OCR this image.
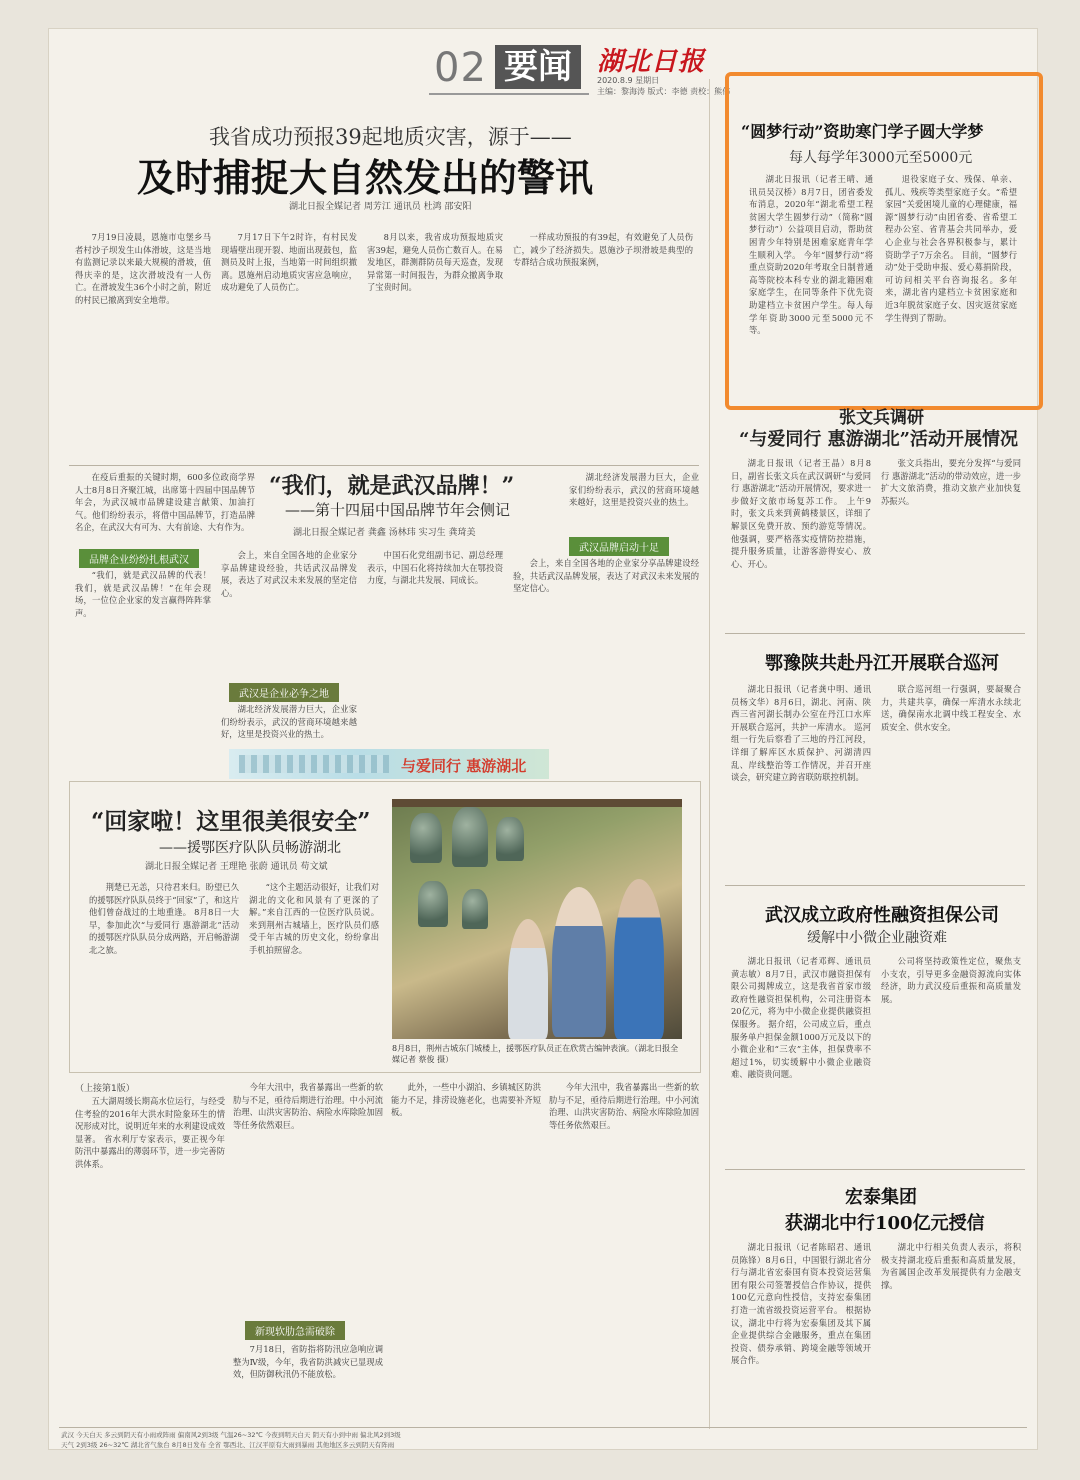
02 要闻 湖北日报
2020.8.9 星期日
主编：黎海涛 版式：李德 责校：熊伟
我省成功预报39起地质灾害，源于——
及时捕捉大自然发出的警讯
湖北日报全媒记者 周芳江 通讯员 杜鸿 邵安阳
7月19日凌晨，恩施市屯堡乡马者村沙子坝发生山体滑坡，这是当地有监测记录以来最大规模的滑坡，值得庆幸的是，这次滑坡没有一人伤亡。在滑坡发生36个小时之前，附近的村民已撤离到安全地带。
7月17日下午2时许，有村民发现墙壁出现开裂、地面出现鼓包，监测员及时上报，当地第一时间组织撤离。恩施州启动地质灾害应急响应，成功避免了人员伤亡。
8月以来，我省成功预报地质灾害39起，避免人员伤亡数百人。在易发地区，群测群防员每天巡查，发现异常第一时间报告，为群众撤离争取了宝贵时间。
一样成功预报的有39起，有效避免了人员伤亡，减少了经济损失。恩施沙子坝滑坡是典型的专群结合成功预报案例，
“圆梦行动”资助寒门学子圆大学梦
每人每学年3000元至5000元
湖北日报讯（记者王晴、通讯员吴汉桥）8月7日，团省委发布消息，2020年“湖北希望工程贫困大学生圆梦行动”（简称“圆梦行动”）公益项目启动，帮助贫困青少年特别是困难家庭青年学生顺利入学。 今年“圆梦行动”将重点资助2020年考取全日制普通高等院校本科专业的湖北籍困难家庭学生，在同等条件下优先资助建档立卡贫困户学生。每人每学年资助3000元至5000元不等。
退役家庭子女、残保、单亲、孤儿、残疾等类型家庭子女。“希望家园”关爱困境儿童的心理健康，福源“圆梦行动”由团省委、省希望工程办公室、省青基会共同举办，爱心企业与社会各界积极参与，累计资助学子7万余名。 目前，“圆梦行动”处于受助申报、爱心募捐阶段，可访问相关平台咨询报名。多年来，湖北省内建档立卡贫困家庭和近3年脱贫家庭子女、因灾返贫家庭学生得到了帮助。
张文兵调研
“与爱同行 惠游湖北”活动开展情况
湖北日报讯（记者王晶）8月8日，副省长张文兵在武汉调研“与爱同行 惠游湖北”活动开展情况，要求进一步做好文旅市场复苏工作。 上午9时，张文兵来到黄鹤楼景区，详细了解景区免费开放、预约游览等情况。他强调，要严格落实疫情防控措施，提升服务质量，让游客游得安心、放心、开心。
张文兵指出，要充分发挥“与爱同行 惠游湖北”活动的带动效应，进一步扩大文旅消费，推动文旅产业加快复苏振兴。
鄂豫陕共赴丹江开展联合巡河
湖北日报讯（记者龚中明、通讯员杨文华）8月6日，湖北、河南、陕西三省河湖长制办公室在丹江口水库开展联合巡河，共护一库清水。 巡河组一行先后察看了三地的丹江河段，详细了解库区水质保护、河湖清四乱、岸线整治等工作情况，并召开座谈会，研究建立跨省联防联控机制。
联合巡河组一行强调，要凝聚合力，共建共享，确保一库清水永续北送，确保南水北调中线工程安全、水质安全、供水安全。
武汉成立政府性融资担保公司
缓解中小微企业融资难
湖北日报讯（记者邓辉、通讯员黄志敏）8月7日，武汉市融资担保有限公司揭牌成立，这是我省首家市级政府性融资担保机构，公司注册资本20亿元，将为中小微企业提供融资担保服务。 据介绍，公司成立后，重点服务单户担保金额1000万元及以下的小微企业和“三农”主体，担保费率不超过1%，切实缓解中小微企业融资难、融资贵问题。
公司将坚持政策性定位，聚焦支小支农，引导更多金融资源流向实体经济，助力武汉疫后重振和高质量发展。
宏泰集团
获湖北中行100亿元授信
湖北日报讯（记者陈昭君、通讯员陈锋）8月6日，中国银行湖北省分行与湖北省宏泰国有资本投资运营集团有限公司签署授信合作协议，提供100亿元意向性授信，支持宏泰集团打造一流省级投资运营平台。 根据协议，湖北中行将为宏泰集团及其下属企业提供综合金融服务，重点在集团投资、债券承销、跨境金融等领域开展合作。
湖北中行相关负责人表示，将积极支持湖北疫后重振和高质量发展，为省属国企改革发展提供有力金融支撑。
“我们，就是武汉品牌！”
——第十四届中国品牌节年会侧记
湖北日报全媒记者 龚鑫 汤林玮 实习生 龚琦美
在疫后重振的关键时期，600多位政商学界人士8月8日齐聚江城，出席第十四届中国品牌节年会，为武汉城市品牌建设建言献策、加油打气。他们纷纷表示，将借中国品牌节，打造品牌名企，在武汉大有可为、大有前途、大有作为。
品牌企业纷纷扎根武汉
“我们，就是武汉品牌的代表！我们，就是武汉品牌！”在年会现场，一位位企业家的发言赢得阵阵掌声。
会上，来自全国各地的企业家分享品牌建设经验，共话武汉品牌发展，表达了对武汉未来发展的坚定信心。
武汉是企业必争之地
湖北经济发展潜力巨大，企业家们纷纷表示，武汉的营商环境越来越好，这里是投资兴业的热土。
中国石化党组副书记、副总经理表示，中国石化将持续加大在鄂投资力度，与湖北共发展、同成长。
湖北经济发展潜力巨大，企业家们纷纷表示，武汉的营商环境越来越好，这里是投资兴业的热土。
武汉品牌启动十足
会上，来自全国各地的企业家分享品牌建设经验，共话武汉品牌发展，表达了对武汉未来发展的坚定信心。
与爱同行 惠游湖北
“回家啦！这里很美很安全”
——援鄂医疗队队员畅游湖北
湖北日报全媒记者 王理艳 张蔚 通讯员 苟文斌
荆楚已无恙，只待君来归。盼望已久的援鄂医疗队队员终于“回家”了，和这片他们曾奋战过的土地重逢。 8月8日一大早，参加此次“与爱同行 惠游湖北”活动的援鄂医疗队队员分成两路，开启畅游湖北之旅。
“这个主题活动很好，让我们对湖北的文化和风景有了更深的了解。”来自江西的一位医疗队员说。 来到荆州古城墙上，医疗队员们感受千年古城的历史文化，纷纷拿出手机拍照留念。
8月8日，荆州古城东门城楼上，援鄂医疗队员正在欣赏古编钟表演。（湖北日报全媒记者 蔡俊 摄）
（上接第1版）
五大湖周缓长期高水位运行，与经受住考验的2016年大洪水时险象环生的情况形成对比，说明近年来的水利建设成效显著。 省水利厅专家表示，要正视今年防汛中暴露出的薄弱环节，进一步完善防洪体系。
今年大汛中，我省暴露出一些新的软肋与不足，亟待后期进行治理。中小河流治理、山洪灾害防治、病险水库除险加固等任务依然艰巨。
新现软肋急需破除
7月18日，省防指将防汛应急响应调整为Ⅳ级，今年，我省防洪减灾已显现成效，但防御秋汛仍不能放松。
此外，一些中小湖泊、乡镇城区防洪能力不足，排涝设施老化，也需要补齐短板。
今年大汛中，我省暴露出一些新的软肋与不足，亟待后期进行治理。中小河流治理、山洪灾害防治、病险水库除险加固等任务依然艰巨。
武汉 今天白天 多云到阴天有小雨或阵雨 偏南风2到3级 气温26~32℃ 今夜到明天白天 阴天有小到中雨 偏北风2到3级
天气 2到3级 26~32℃ 湖北省气象台 8月8日发布 全省 鄂西北、江汉平原有大雨到暴雨 其他地区多云到阴天有阵雨
